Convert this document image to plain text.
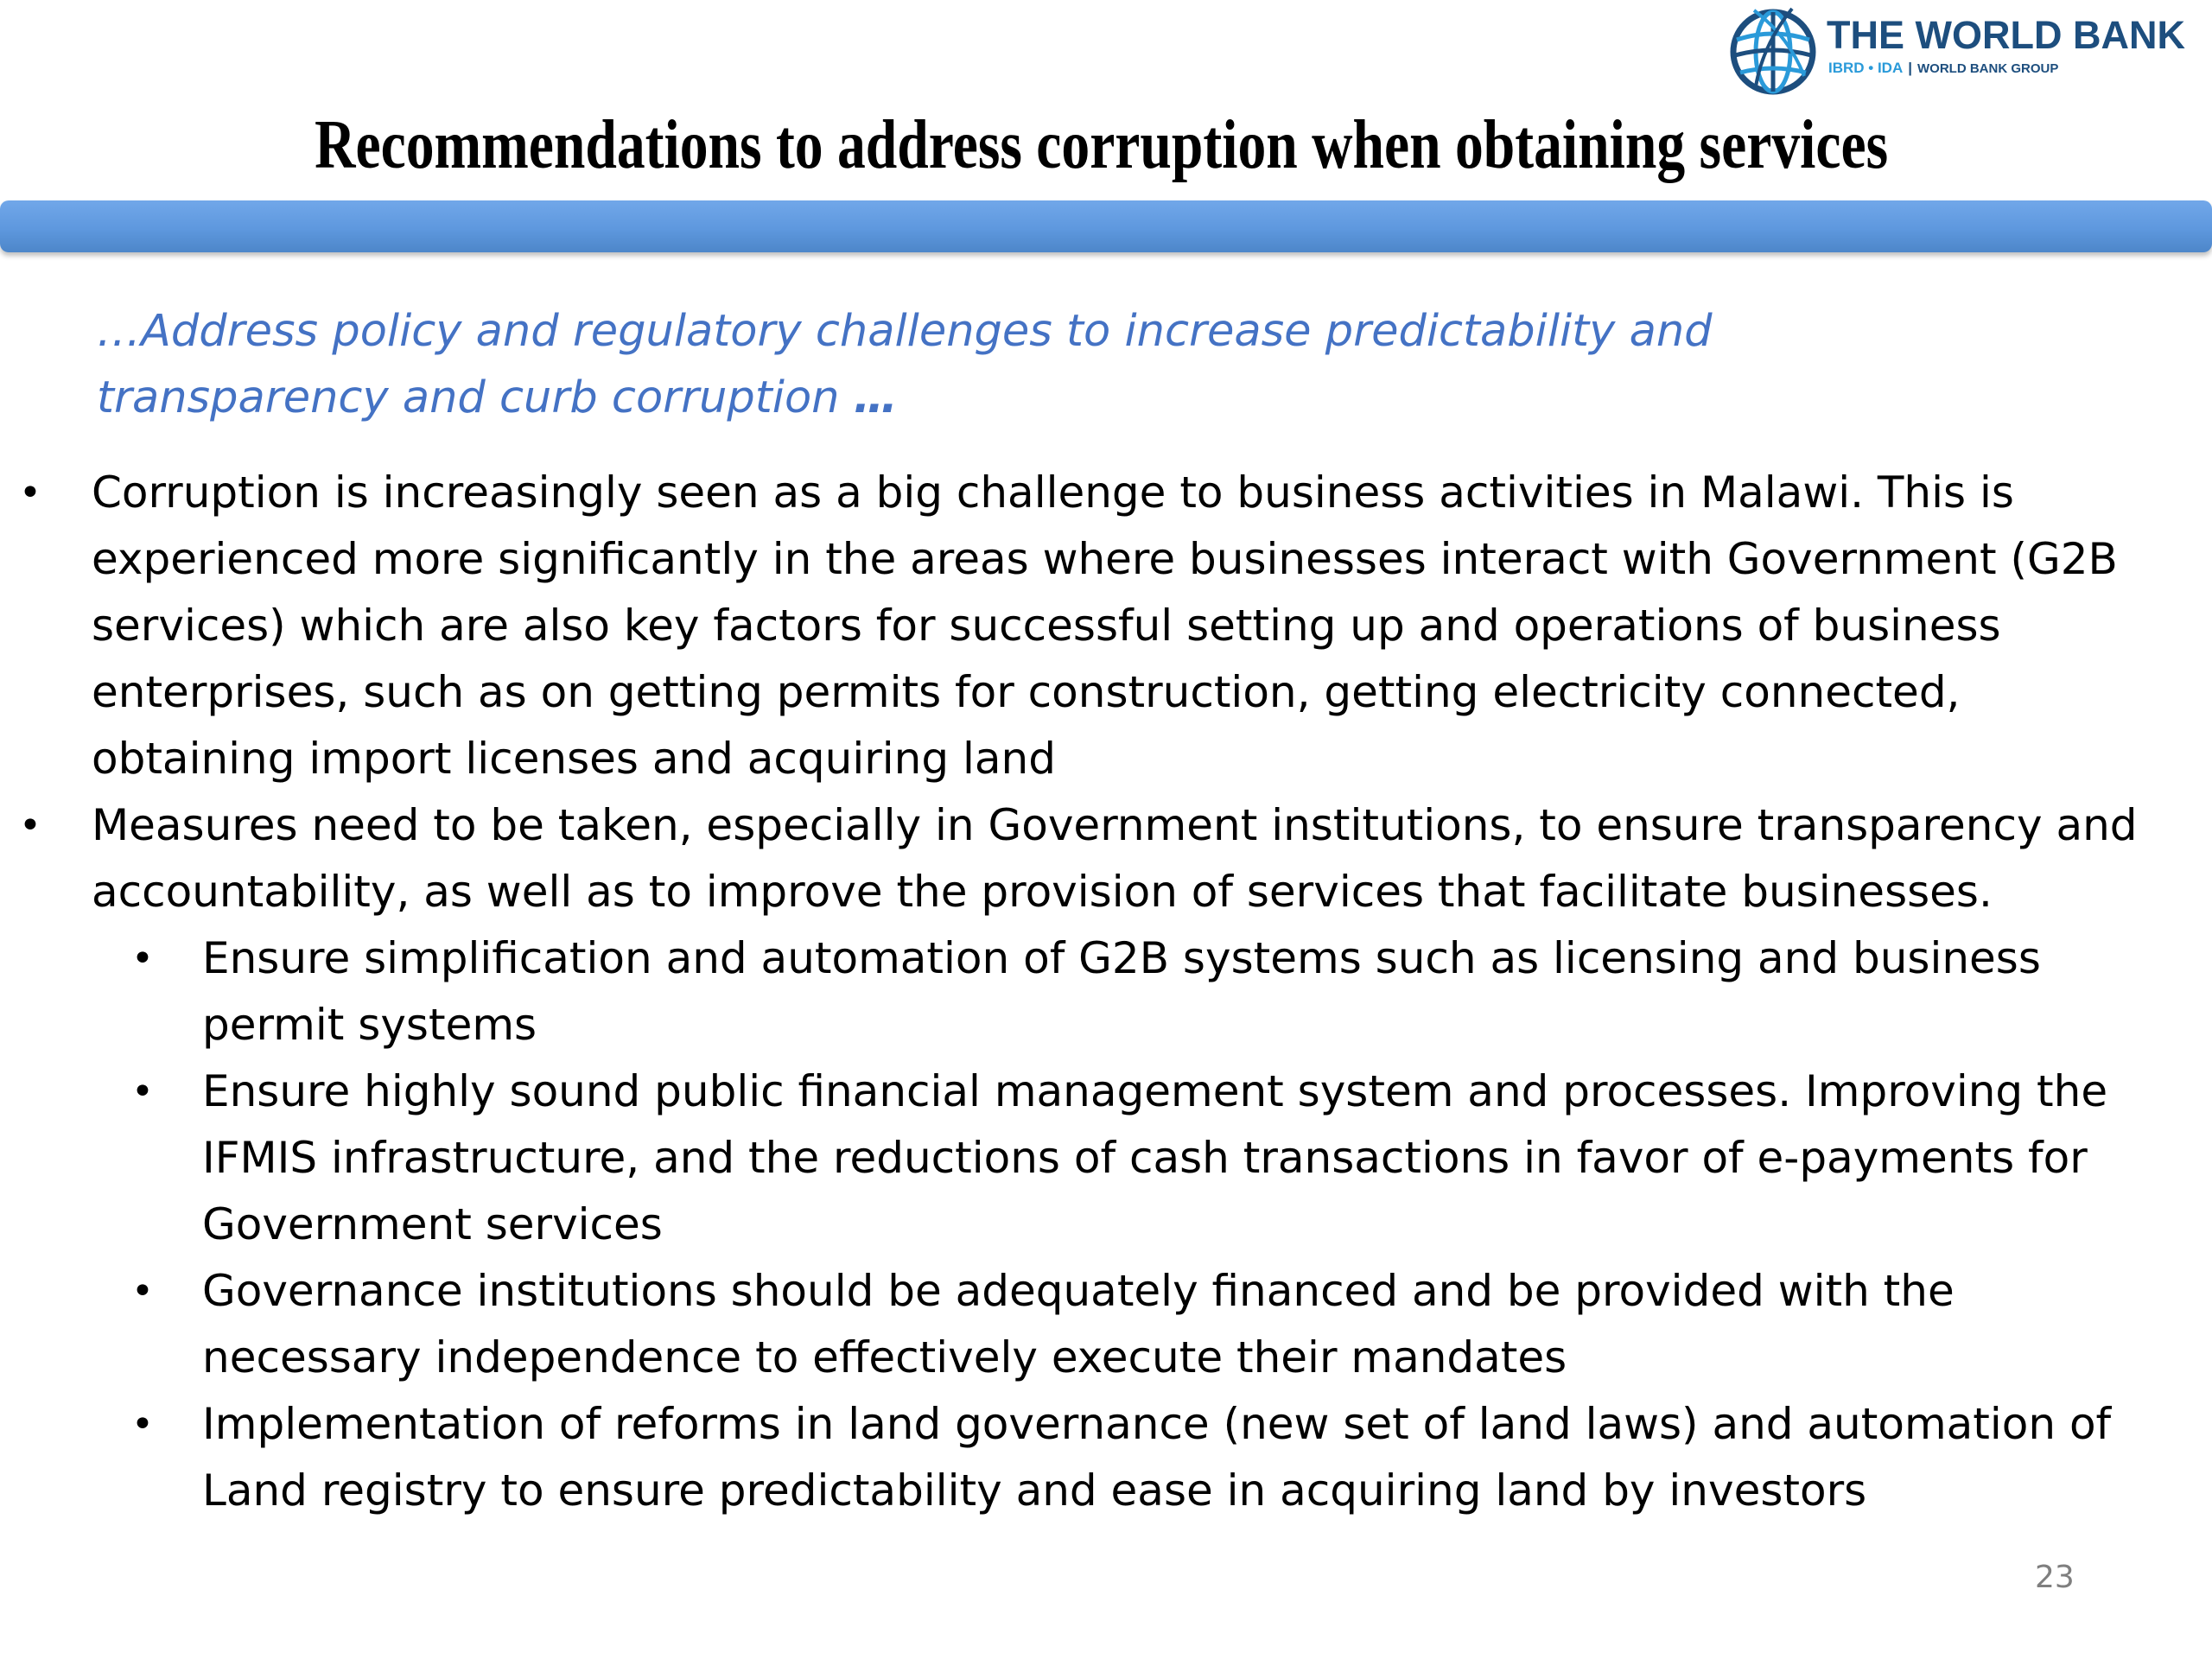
THE WORLD BANK
IBRD • IDA | WORLD BANK GROUP
Recommendations to address corruption when obtaining services
…Address policy and regulatory challenges to increase predictability and transparency and curb corruption …
• Corruption is increasingly seen as a big challenge to business activities in Malawi. This is experienced more significantly in the areas where businesses interact with Government (G2B services) which are also key factors for successful setting up and operations of business enterprises, such as on getting permits for construction, getting electricity connected, obtaining import licenses and acquiring land
• Measures need to be taken, especially in Government institutions, to ensure transparency and accountability, as well as to improve the provision of services that facilitate businesses.
• Ensure simplification and automation of G2B systems such as licensing and business permit systems
• Ensure highly sound public financial management system and processes. Improving the IFMIS infrastructure, and the reductions of cash transactions in favor of e-payments for Government services
• Governance institutions should be adequately financed and be provided with the necessary independence to effectively execute their mandates
• Implementation of reforms in land governance (new set of land laws) and automation of Land registry to ensure predictability and ease in acquiring land by investors
23
